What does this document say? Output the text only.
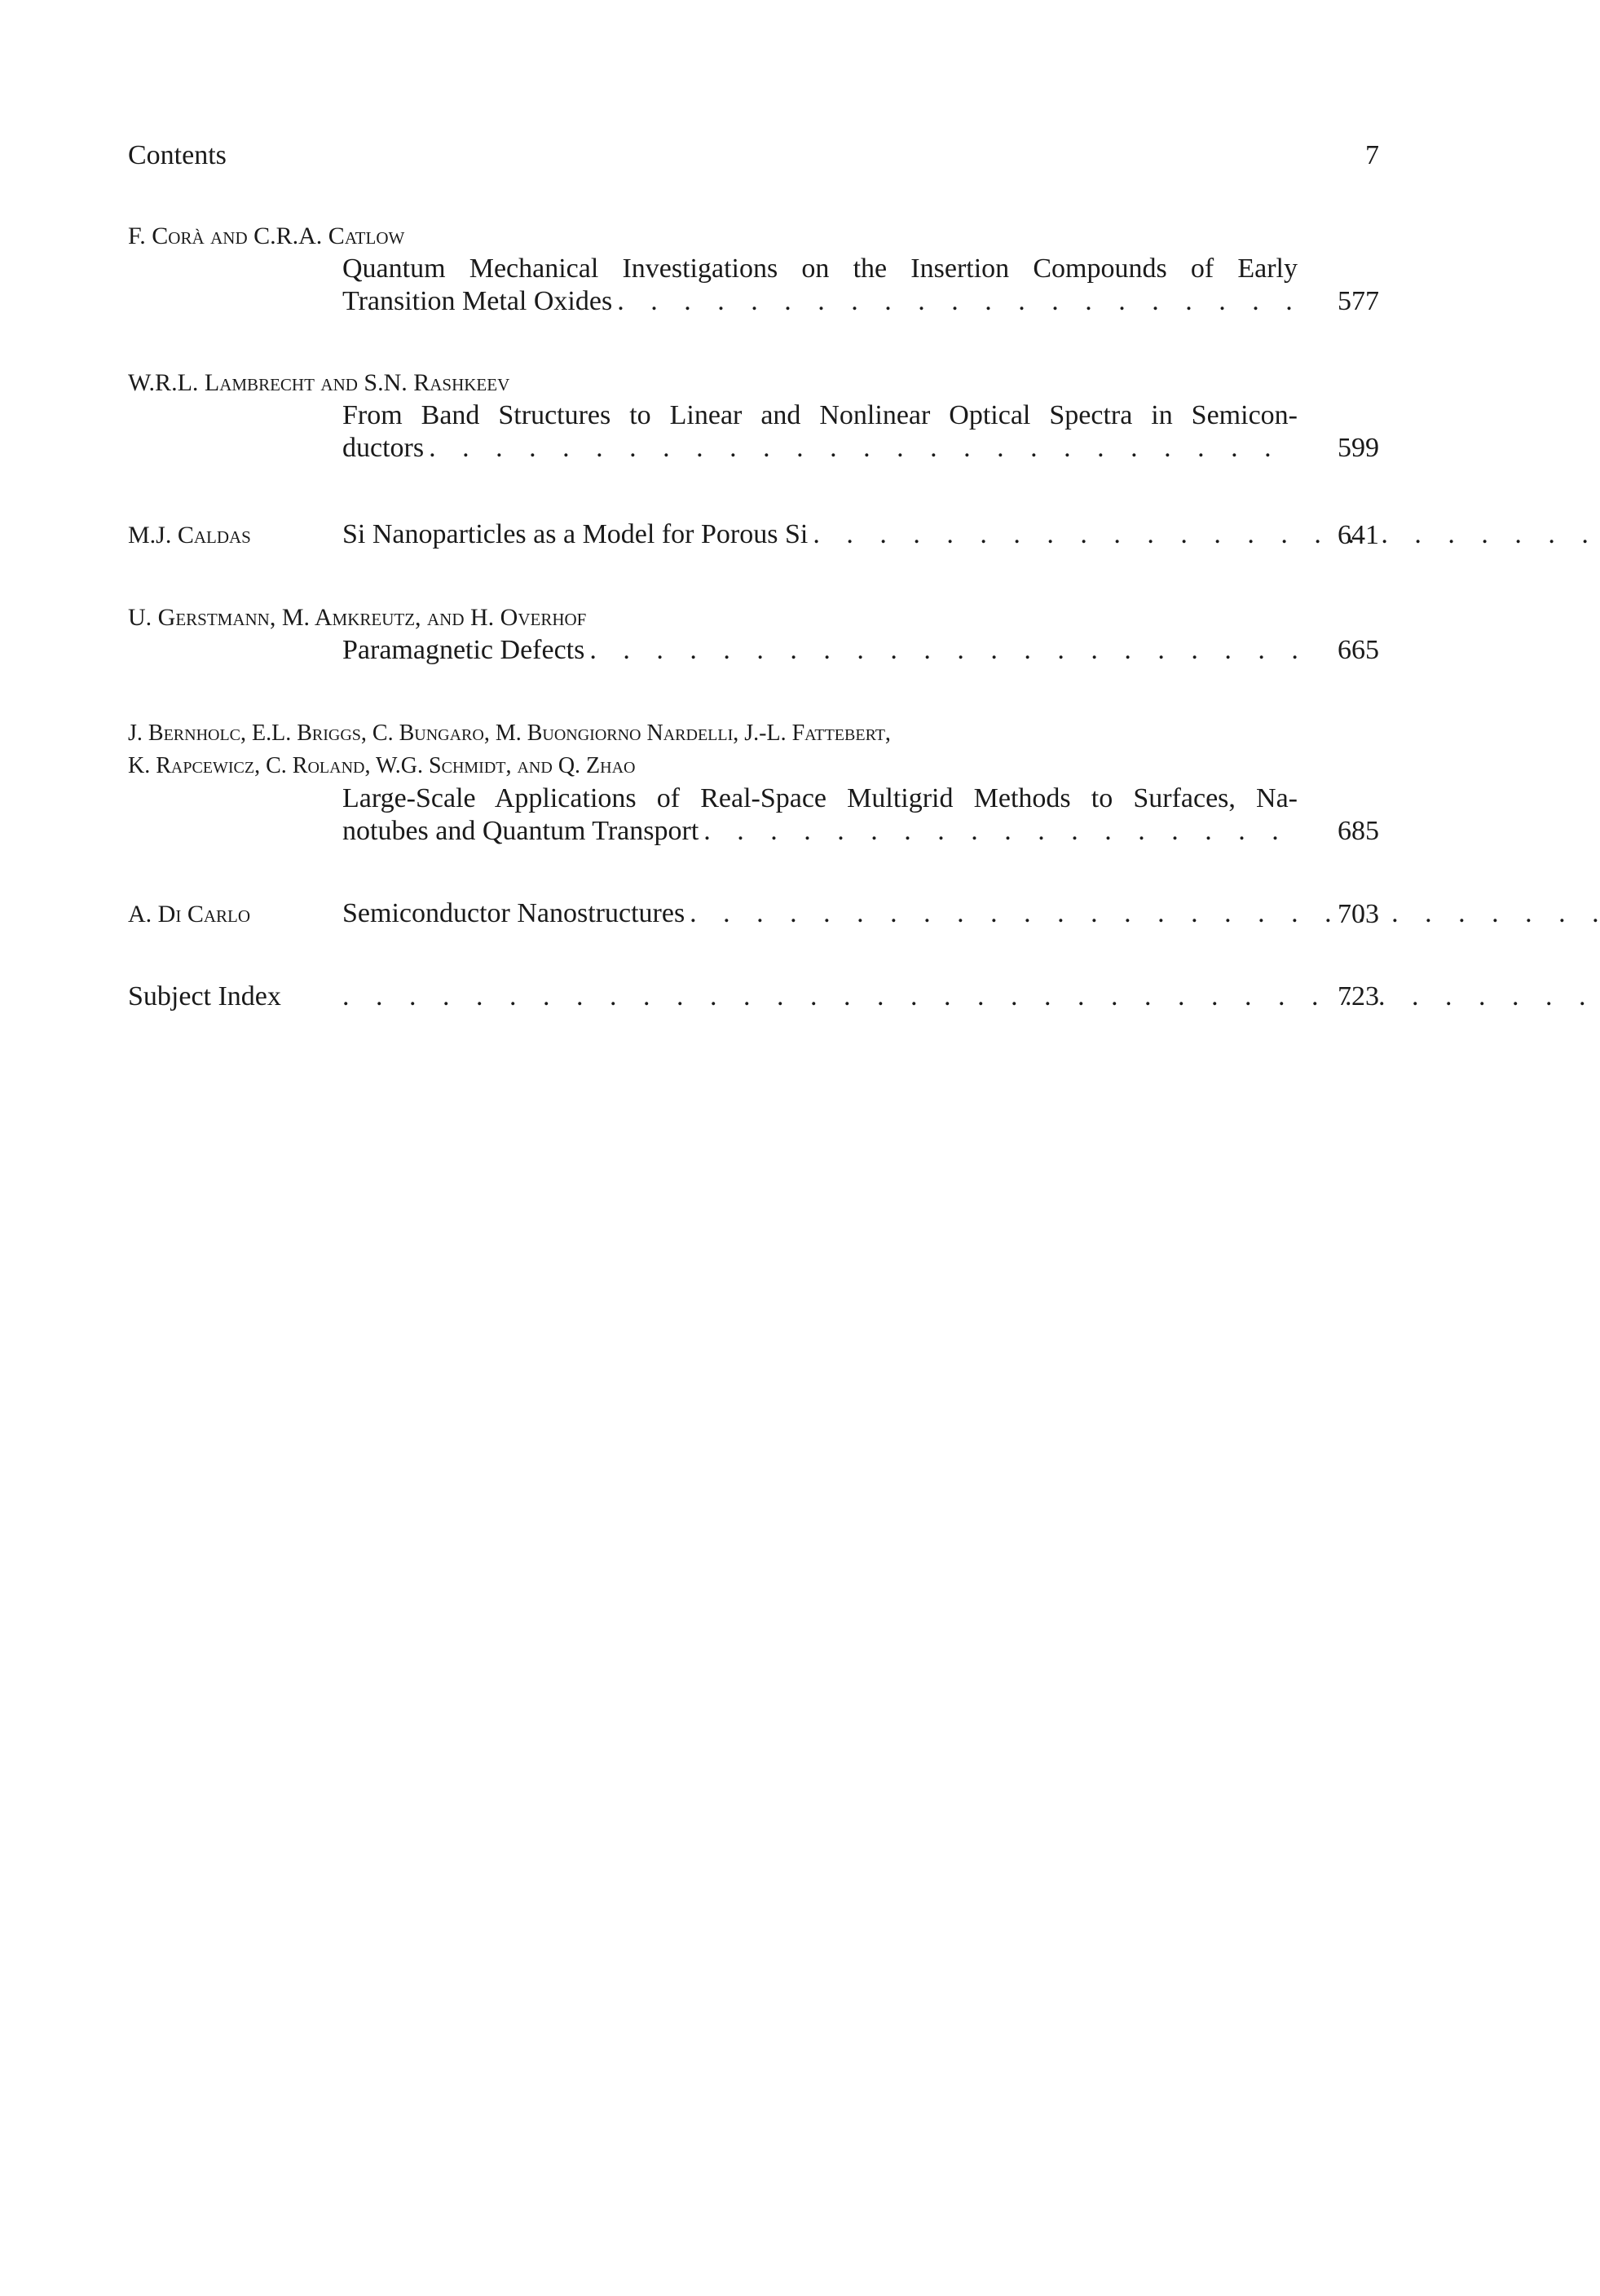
Contents	7
F. Corà and C.R.A. Catlow
Quantum Mechanical Investigations on the Insertion Compounds of Early
Transition Metal Oxides . . .	577
W.R.L. Lambrecht and S.N. Rashkeev
From Band Structures to Linear and Nonlinear Optical Spectra in Semicon-
ductors . . .	599
M.J. Caldas	Si Nanoparticles as a Model for Porous Si . . .	641
U. Gerstmann, M. Amkreutz, and H. Overhof
Paramagnetic Defects . . .	665
J. Bernholc, E.L. Briggs, C. Bungaro, M. Buongiorno Nardelli, J.-L. Fattebert,
K. Rapcewicz, C. Roland, W.G. Schmidt, and Q. Zhao
Large-Scale Applications of Real-Space Multigrid Methods to Surfaces, Na-
notubes and Quantum Transport . . .	685
A. Di Carlo	Semiconductor Nanostructures . . .	703
Subject Index . . .	723
